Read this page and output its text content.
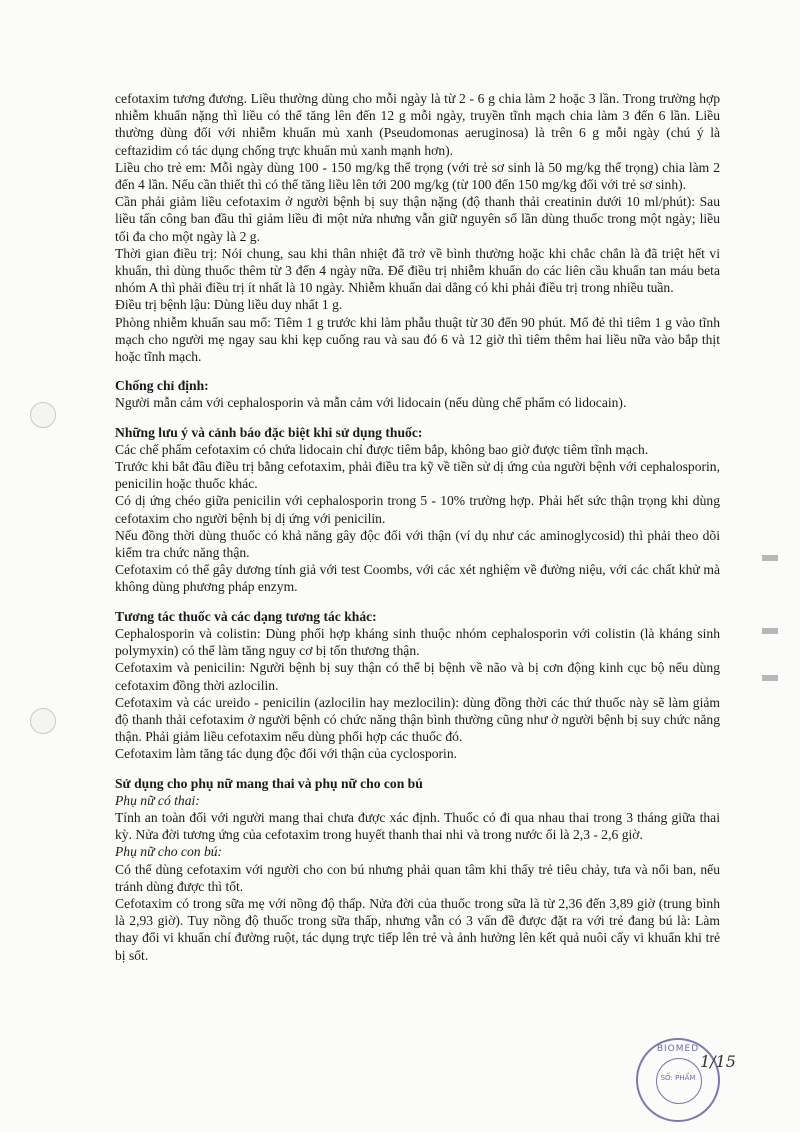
cefotaxim tương đương. Liều thường dùng cho mỗi ngày là từ 2 - 6 g chia làm 2 hoặc 3 lần. Trong trường hợp nhiễm khuẩn nặng thì liều có thể tăng lên đến 12 g mỗi ngày, truyền tĩnh mạch chia làm 3 đến 6 lần. Liều thường dùng đối với nhiễm khuẩn mủ xanh (Pseudomonas aeruginosa) là trên 6 g mỗi ngày (chú ý là ceftazidim có tác dụng chống trực khuẩn mủ xanh mạnh hơn).

Liều cho trẻ em: Mỗi ngày dùng 100 - 150 mg/kg thể trọng (với trẻ sơ sinh là 50 mg/kg thể trọng) chia làm 2 đến 4 lần. Nếu cần thiết thì có thể tăng liều lên tới 200 mg/kg (từ 100 đến 150 mg/kg đối với trẻ sơ sinh).

Cần phải giảm liều cefotaxim ở người bệnh bị suy thận nặng (độ thanh thải creatinin dưới 10 ml/phút): Sau liều tấn công ban đầu thì giảm liều đi một nửa nhưng vẫn giữ nguyên số lần dùng thuốc trong một ngày; liều tối đa cho một ngày là 2 g.

Thời gian điều trị: Nói chung, sau khi thân nhiệt đã trở về bình thường hoặc khi chắc chắn là đã triệt hết vi khuẩn, thì dùng thuốc thêm từ 3 đến 4 ngày nữa. Để điều trị nhiễm khuẩn do các liên cầu khuẩn tan máu beta nhóm A thì phải điều trị ít nhất là 10 ngày. Nhiễm khuẩn dai dẳng có khi phải điều trị trong nhiều tuần.

Điều trị bệnh lậu: Dùng liều duy nhất 1 g.

Phòng nhiễm khuẩn sau mổ: Tiêm 1 g trước khi làm phẫu thuật từ 30 đến 90 phút. Mổ đẻ thì tiêm 1 g vào tĩnh mạch cho người mẹ ngay sau khi kẹp cuống rau và sau đó 6 và 12 giờ thì tiêm thêm hai liều nữa vào bắp thịt hoặc tĩnh mạch.

Chống chỉ định:

Người mẫn cảm với cephalosporin và mẫn cảm với lidocain (nếu dùng chế phẩm có lidocain).

Những lưu ý và cảnh báo đặc biệt khi sử dụng thuốc:

Các chế phẩm cefotaxim có chứa lidocain chỉ được tiêm bắp, không bao giờ được tiêm tĩnh mạch.

Trước khi bắt đầu điều trị bằng cefotaxim, phải điều tra kỹ về tiền sử dị ứng của người bệnh với cephalosporin, penicilin hoặc thuốc khác.

Có dị ứng chéo giữa penicilin với cephalosporin trong 5 - 10% trường hợp. Phải hết sức thận trọng khi dùng cefotaxim cho người bệnh bị dị ứng với penicilin.

Nếu đồng thời dùng thuốc có khả năng gây độc đối với thận (ví dụ như các aminoglycosid) thì phải theo dõi kiểm tra chức năng thận.

Cefotaxim có thể gây dương tính giả với test Coombs, với các xét nghiệm về đường niệu, với các chất khử mà không dùng phương pháp enzym.

Tương tác thuốc và các dạng tương tác khác:

Cephalosporin và colistin: Dùng phối hợp kháng sinh thuộc nhóm cephalosporin với colistin (là kháng sinh polymyxin) có thể làm tăng nguy cơ bị tổn thương thận.

Cefotaxim và penicilin: Người bệnh bị suy thận có thể bị bệnh về não và bị cơn động kinh cục bộ nếu dùng cefotaxim đồng thời azlocilin.

Cefotaxim và các ureido - penicilin (azlocilin hay mezlocilin): dùng đồng thời các thứ thuốc này sẽ làm giảm độ thanh thải cefotaxim ở người bệnh có chức năng thận bình thường cũng như ở người bệnh bị suy chức năng thận. Phải giảm liều cefotaxim nếu dùng phối hợp các thuốc đó.

Cefotaxim làm tăng tác dụng độc đối với thận của cyclosporin.

Sử dụng cho phụ nữ mang thai và phụ nữ cho con bú

Phụ nữ có thai:

Tính an toàn đối với người mang thai chưa được xác định. Thuốc có đi qua nhau thai trong 3 tháng giữa thai kỳ. Nửa đời tương ứng của cefotaxim trong huyết thanh thai nhi và trong nước ối là 2,3 - 2,6 giờ.

Phụ nữ cho con bú:

Có thể dùng cefotaxim với người cho con bú nhưng phải quan tâm khi thấy trẻ tiêu chảy, tưa và nổi ban, nếu tránh dùng được thì tốt.

Cefotaxim có trong sữa mẹ với nồng độ thấp. Nửa đời của thuốc trong sữa là từ 2,36 đến 3,89 giờ (trung bình là 2,93 giờ). Tuy nồng độ thuốc trong sữa thấp, nhưng vẫn có 3 vấn đề được đặt ra với trẻ đang bú là: Làm thay đổi vi khuẩn chí đường ruột, tác dụng trực tiếp lên trẻ và ảnh hưởng lên kết quả nuôi cấy vi khuẩn khi trẻ bị sốt.

BIOMED
SỐ: PHẨM
1/15
